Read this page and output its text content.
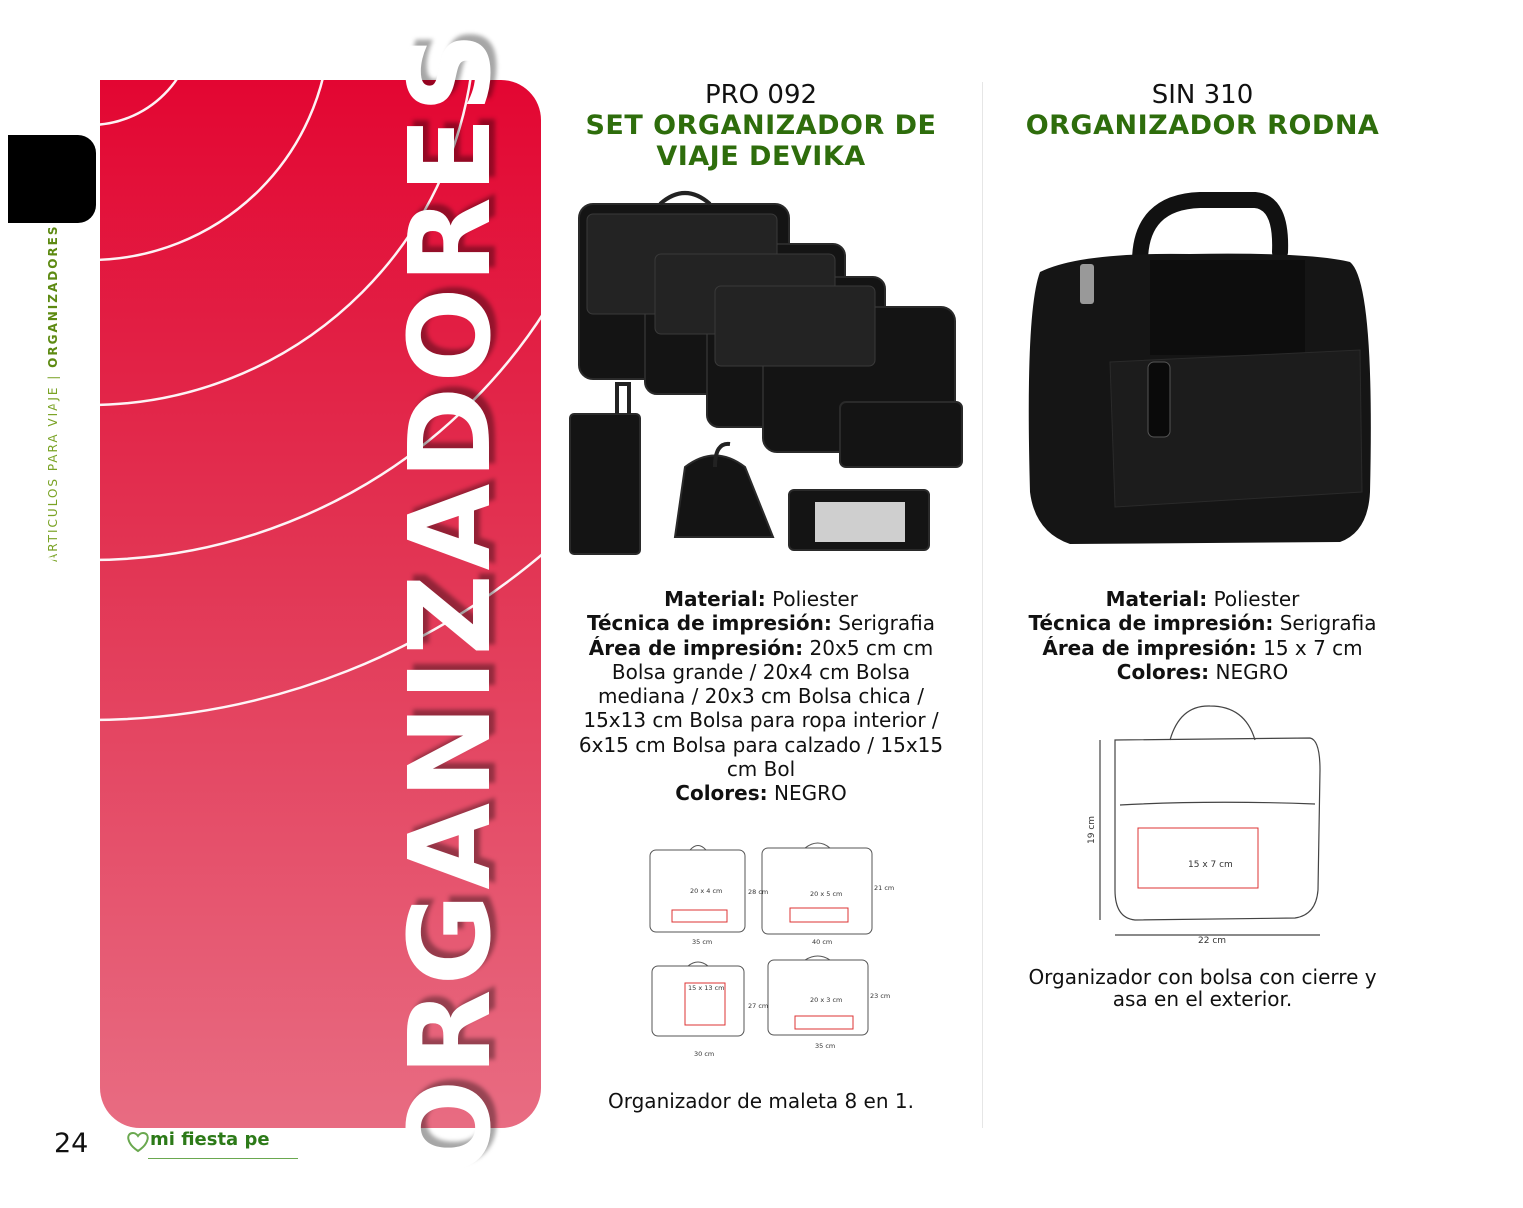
ARTICULOS PARA VIAJE | ORGANIZADORES	ORGANIZADORES	PRO 092
SET ORGANIZADOR DE
VIAJE DEVIKA
Material: Poliester
Técnica de impresión: Serigrafia
Área de impresión: 20x5 cm cm
Bolsa grande / 20x4 cm Bolsa
mediana / 20x3 cm Bolsa chica /
15x13 cm Bolsa para ropa interior /
6x15 cm Bolsa para calzado / 15x15
cm Bol
Colores: NEGRO
20 x 4 cm	28 cm
35 cm
20 x 5 cm
21 cm
40 cm
15 x 13 cm
27 cm
30 cm
20 x 3 cm	23 cm
35 cm
Organizador de maleta 8 en 1.
SIN 310
ORGANIZADOR RODNA
Material: Poliester
Técnica de impresión: Serigrafia
Área de impresión: 15 x 7 cm
Colores: NEGRO
15 x 7 cm
22 cm
19 cm
Organizador con bolsa con cierre y
asa en el exterior.
24	mi fiesta pe
